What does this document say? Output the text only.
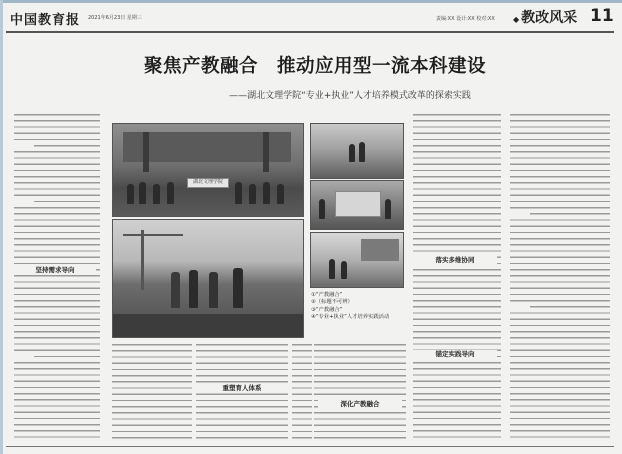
中国教育报 2021年6月23日 星期三	责编:XX 设计:XX 校对:XX ◆ 教改风采 11
聚焦产教融合　推动应用型一流本科建设
——湖北文理学院“专业+执业”人才培养模式改革的探索实践
坚持需求导向
重塑育人体系
深化产教融合
落实多维协同
锚定实践导向
湖北文理学院
①“产教融合”
②（标题不可辨）
③“产教融合”
④“专业+执业”人才培养实践活动
